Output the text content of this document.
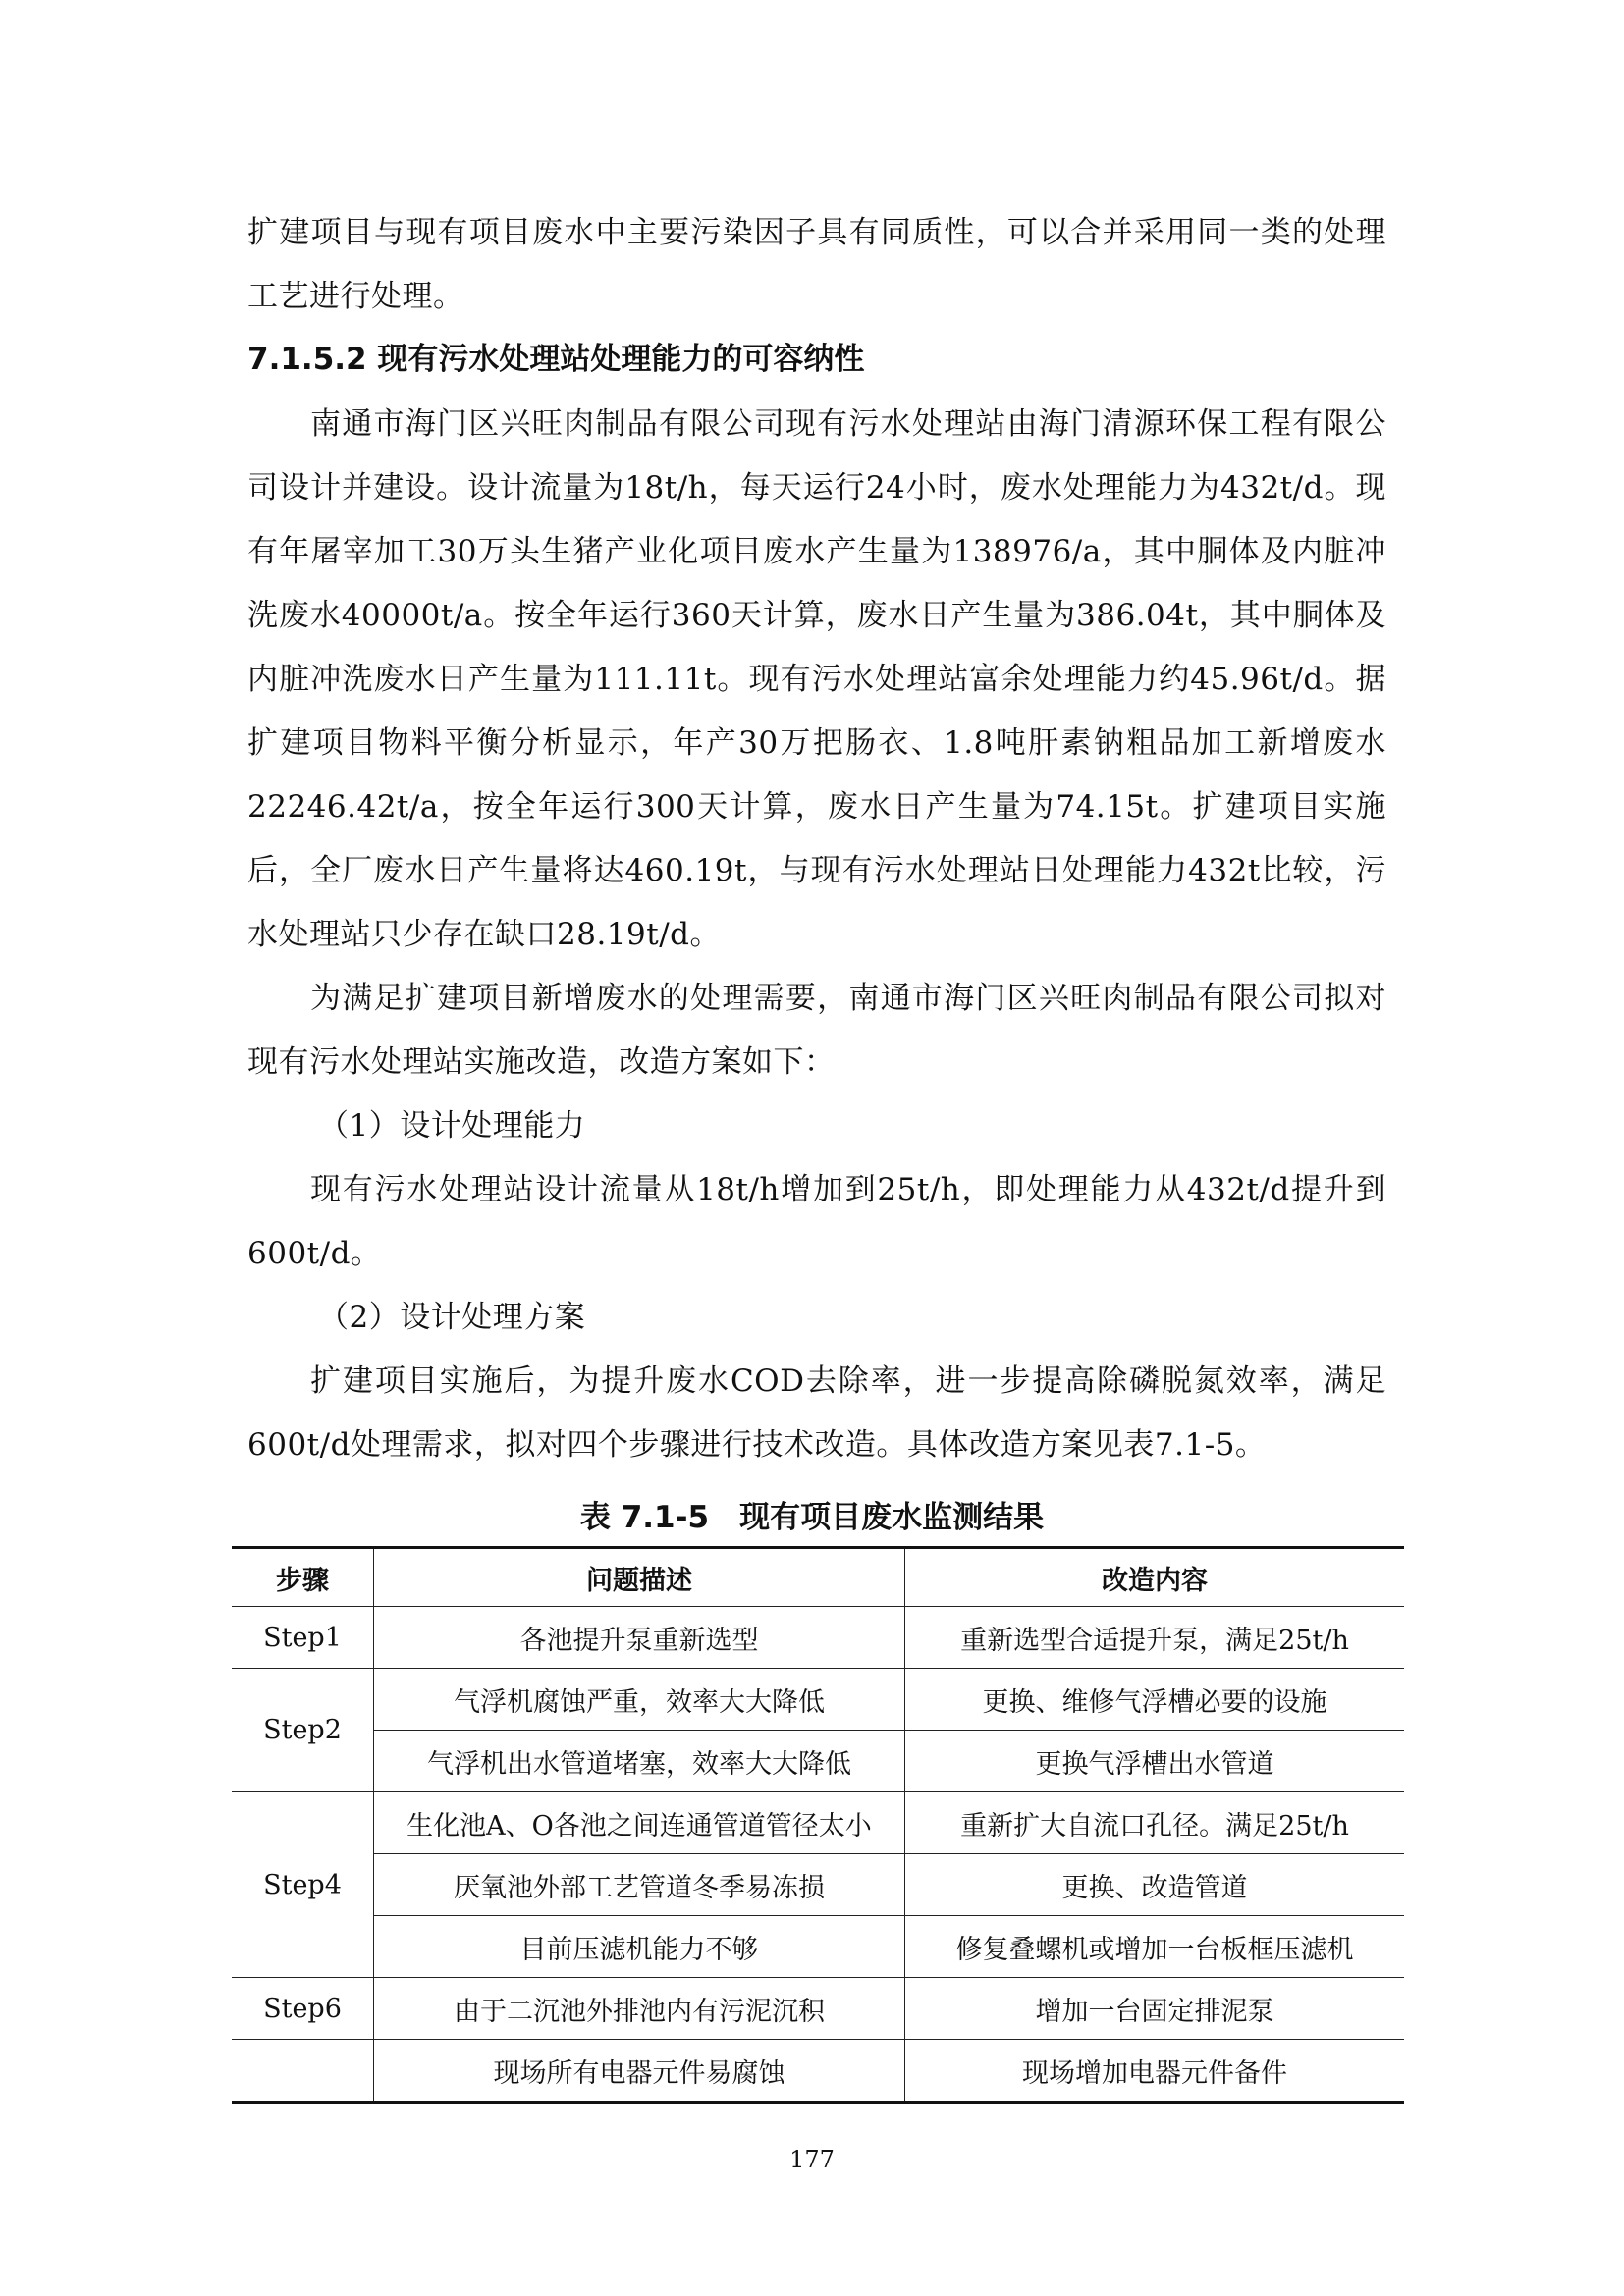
扩建项目与现有项目废水中主要污染因子具有同质性，可以合并采用同一类的处理工艺进行处理。

7.1.5.2 现有污水处理站处理能力的可容纳性

南通市海门区兴旺肉制品有限公司现有污水处理站由海门清源环保工程有限公司设计并建设。设计流量为18t/h，每天运行24小时，废水处理能力为432t/d。现有年屠宰加工30万头生猪产业化项目废水产生量为138976/a，其中胴体及内脏冲洗废水40000t/a。按全年运行360天计算，废水日产生量为386.04t，其中胴体及内脏冲洗废水日产生量为111.11t。现有污水处理站富余处理能力约45.96t/d。据扩建项目物料平衡分析显示，年产30万把肠衣、1.8吨肝素钠粗品加工新增废水22246.42t/a，按全年运行300天计算，废水日产生量为74.15t。扩建项目实施后，全厂废水日产生量将达460.19t，与现有污水处理站日处理能力432t比较，污水处理站只少存在缺口28.19t/d。

为满足扩建项目新增废水的处理需要，南通市海门区兴旺肉制品有限公司拟对现有污水处理站实施改造，改造方案如下：

（1）设计处理能力

现有污水处理站设计流量从18t/h增加到25t/h，即处理能力从432t/d提升到600t/d。

（2）设计处理方案

扩建项目实施后，为提升废水COD去除率，进一步提高除磷脱氮效率，满足600t/d处理需求，拟对四个步骤进行技术改造。具体改造方案见表7.1-5。

表 7.1-5　现有项目废水监测结果
步骤	问题描述	改造内容
Step1	各池提升泵重新选型	重新选型合适提升泵，满足25t/h
Step2	气浮机腐蚀严重，效率大大降低	更换、维修气浮槽必要的设施
	气浮机出水管道堵塞，效率大大降低	更换气浮槽出水管道
Step4	生化池A、O各池之间连通管道管径太小	重新扩大自流口孔径。满足25t/h
	厌氧池外部工艺管道冬季易冻损	更换、改造管道
	目前压滤机能力不够	修复叠螺机或增加一台板框压滤机
Step6	由于二沉池外排池内有污泥沉积	增加一台固定排泥泵
	现场所有电器元件易腐蚀	现场增加电器元件备件
177
